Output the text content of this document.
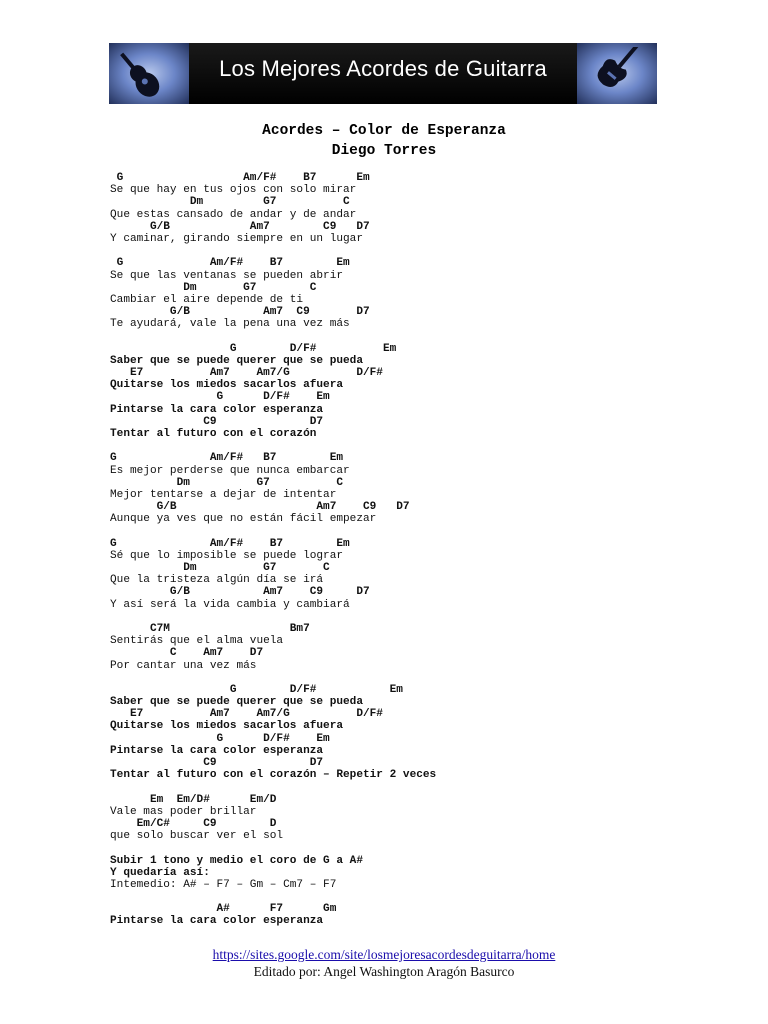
Los Mejores Acordes de Guitarra
Acordes – Color de Esperanza
Diego Torres
G                  Am/F#    B7      Em
Se que hay en tus ojos con solo mirar
Dm         G7          C
Que estas cansado de andar y de andar
G/B            Am7        C9   D7
Y caminar, girando siempre en un lugar
G             Am/F#    B7        Em
Se que las ventanas se pueden abrir
Dm       G7        C
Cambiar el aire depende de ti
G/B           Am7  C9       D7
Te ayudará, vale la pena una vez más
G        D/F#          Em
Saber que se puede querer que se pueda
E7          Am7    Am7/G          D/F#
Quitarse los miedos sacarlos afuera
G      D/F#    Em
Pintarse la cara color esperanza
C9              D7
Tentar al futuro con el corazón
G              Am/F#   B7        Em
Es mejor perderse que nunca embarcar
Dm          G7          C
Mejor tentarse a dejar de intentar
G/B                     Am7    C9   D7
Aunque ya ves que no están fácil empezar
G              Am/F#    B7        Em
Sé que lo imposible se puede lograr
Dm          G7       C
Que la tristeza algún día se irá
G/B           Am7    C9     D7
Y así será la vida cambia y cambiará
C7M                  Bm7
Sentirás que el alma vuela
C    Am7    D7
Por cantar una vez más
G        D/F#           Em
Saber que se puede querer que se pueda
E7          Am7    Am7/G          D/F#
Quitarse los miedos sacarlos afuera
G      D/F#    Em
Pintarse la cara color esperanza
C9              D7
Tentar al futuro con el corazón – Repetir 2 veces
Em  Em/D#      Em/D
Vale mas poder brillar
Em/C#     C9        D
que solo buscar ver el sol
Subir 1 tono y medio el coro de G a A#
Y quedaría así:
Intemedio: A# – F7 – Gm – Cm7 – F7
A#      F7      Gm
Pintarse la cara color esperanza
https://sites.google.com/site/losmejoresacordesdeguitarra/home
Editado por: Angel Washington Aragón Basurco
